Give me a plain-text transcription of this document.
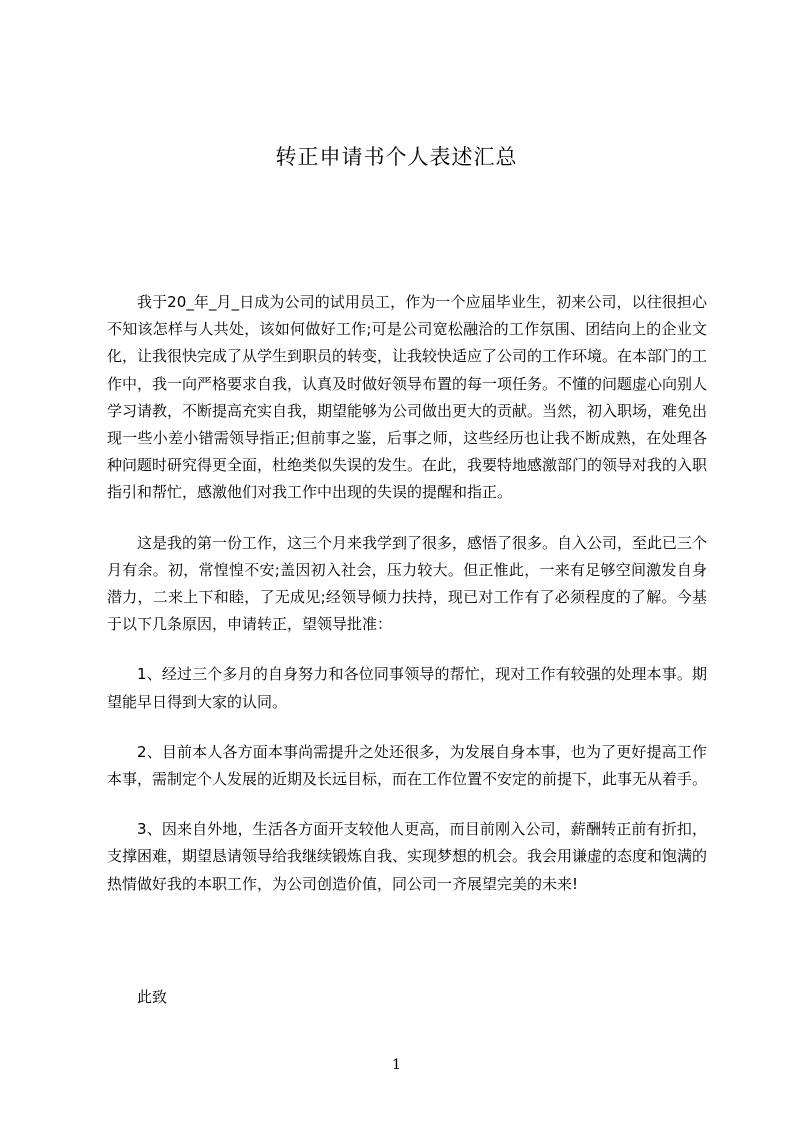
转正申请书个人表述汇总

我于20_年_月_日成为公司的试用员工，作为一个应届毕业生，初来公司，以往很担心不知该怎样与人共处，该如何做好工作;可是公司宽松融洽的工作氛围、团结向上的企业文化，让我很快完成了从学生到职员的转变，让我较快适应了公司的工作环境。在本部门的工作中，我一向严格要求自我，认真及时做好领导布置的每一项任务。不懂的问题虚心向别人学习请教，不断提高充实自我，期望能够为公司做出更大的贡献。当然，初入职场，难免出现一些小差小错需领导指正;但前事之鉴，后事之师，这些经历也让我不断成熟，在处理各种问题时研究得更全面，杜绝类似失误的发生。在此，我要特地感激部门的领导对我的入职指引和帮忙，感激他们对我工作中出现的失误的提醒和指正。

这是我的第一份工作，这三个月来我学到了很多，感悟了很多。自入公司，至此已三个月有余。初，常惶惶不安;盖因初入社会，压力较大。但正惟此，一来有足够空间激发自身潜力，二来上下和睦，了无成见;经领导倾力扶持，现已对工作有了必须程度的了解。今基于以下几条原因，申请转正，望领导批准：

1、经过三个多月的自身努力和各位同事领导的帮忙，现对工作有较强的处理本事。期望能早日得到大家的认同。

2、目前本人各方面本事尚需提升之处还很多，为发展自身本事，也为了更好提高工作本事，需制定个人发展的近期及长远目标，而在工作位置不安定的前提下，此事无从着手。

3、因来自外地，生活各方面开支较他人更高，而目前刚入公司，薪酬转正前有折扣，支撑困难，期望恳请领导给我继续锻炼自我、实现梦想的机会。我会用谦虚的态度和饱满的热情做好我的本职工作，为公司创造价值，同公司一齐展望完美的未来!

此致
1
